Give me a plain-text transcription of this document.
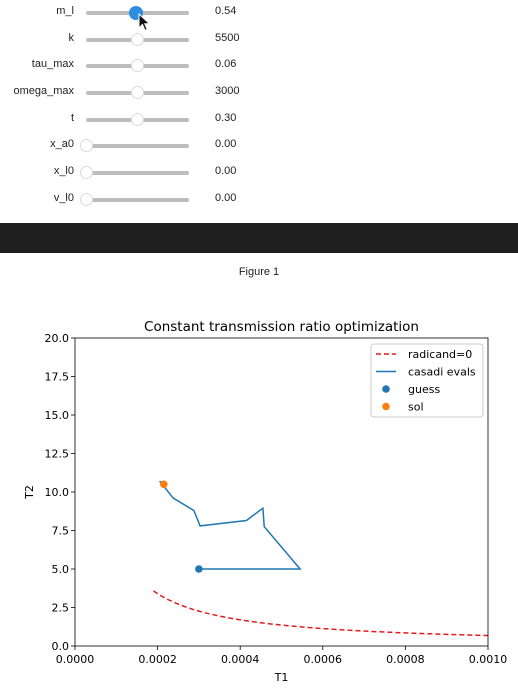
m_l	0.54
k	5500
tau_max	0.06
omega_max	3000
t	0.30
x_a0	0.00
x_l0	0.00
v_l0	0.00
Figure 1
Constant transmission ratio optimization
0.0000	0.0002	0.0004	0.0006	0.0008	0.0010
0.0
2.5
5.0
7.5
10.0
12.5
15.0
17.5
20.0
T1
T2
radicand=0
casadi evals
guess
sol
